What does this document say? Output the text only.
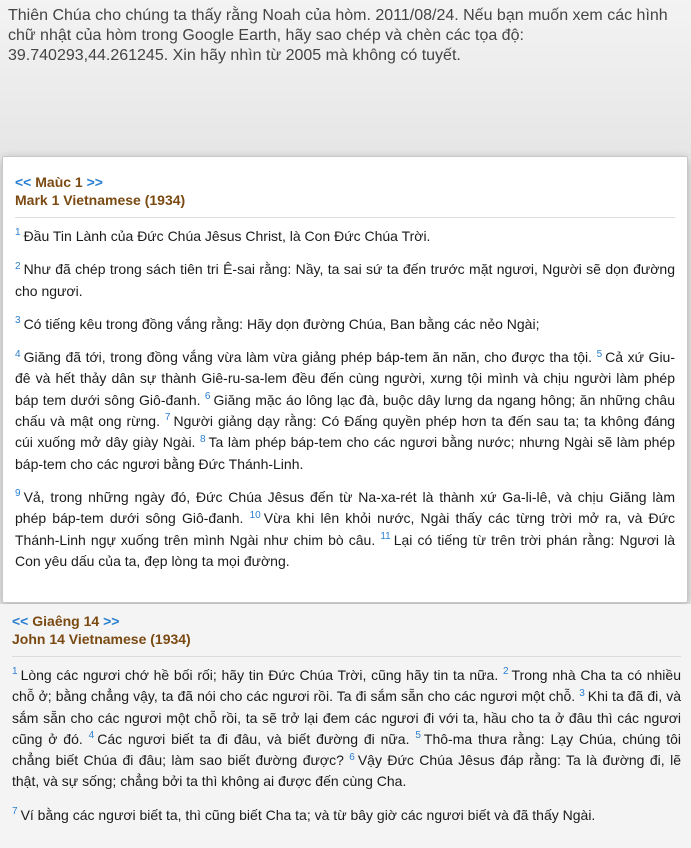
Thiên Chúa cho chúng ta thấy rằng Noah của hòm. 2011/08/24. Nếu bạn muốn xem các hình chữ nhật của hòm trong Google Earth, hãy sao chép và chèn các tọa độ: 39.740293,44.261245. Xin hãy nhìn từ 2005 mà không có tuyết.
<< Maùc 1 >>
Mark 1 Vietnamese (1934)

$^1$ Đầu Tin Lành của Đức Chúa Jêsus Christ, là Con Đức Chúa Trời.

$^2$ Như đã chép trong sách tiên tri Ê-sai rằng: Nầy, ta sai sứ ta đến trước mặt ngươi, Người sẽ dọn đường cho ngươi.

$^3$ Có tiếng kêu trong đồng vắng rằng: Hãy dọn đường Chúa, Ban bằng các nẻo Ngài;

$^4$ Giăng đã tới, trong đồng vắng vừa làm vừa giảng phép báp-tem ăn năn, cho được tha tội. $^5$ Cả xứ Giu-đê và hết thảy dân sự thành Giê-ru-sa-lem đều đến cùng người, xưng tội mình và chịu người làm phép báp tem dưới sông Giô-đanh. $^6$ Giăng mặc áo lông lạc đà, buộc dây lưng da ngang hông; ăn những châu chấu và mật ong rừng. $^7$ Người giảng dạy rằng: Có Đấng quyền phép hơn ta đến sau ta; ta không đáng cúi xuống mở dây giày Ngài. $^8$ Ta làm phép báp-tem cho các ngươi bằng nước; nhưng Ngài sẽ làm phép báp-tem cho các ngươi bằng Đức Thánh-Linh.

$^9$ Vả, trong những ngày đó, Đức Chúa Jêsus đến từ Na-xa-rét là thành xứ Ga-li-lê, và chịu Giăng làm phép báp-tem dưới sông Giô-đanh. $^{10}$ Vừa khi lên khỏi nước, Ngài thấy các từng trời mở ra, và Đức Thánh-Linh ngự xuống trên mình Ngài như chim bò câu. $^{11}$ Lại có tiếng từ trên trời phán rằng: Ngươi là Con yêu dấu của ta, đẹp lòng ta mọi đường.

<< Giaêng 14 >>
John 14 Vietnamese (1934)

$^1$ Lòng các ngươi chớ hề bối rối; hãy tin Đức Chúa Trời, cũng hãy tin ta nữa. $^2$ Trong nhà Cha ta có nhiều chỗ ở; bằng chẳng vậy, ta đã nói cho các ngươi rồi. Ta đi sắm sẵn cho các ngươi một chỗ. $^3$ Khi ta đã đi, và sắm sẵn cho các ngươi một chỗ rồi, ta sẽ trở lại đem các ngươi đi với ta, hầu cho ta ở đâu thì các ngươi cũng ở đó. $^4$ Các ngươi biết ta đi đâu, và biết đường đi nữa. $^5$ Thô-ma thưa rằng: Lạy Chúa, chúng tôi chẳng biết Chúa đi đâu; làm sao biết đường được? $^6$ Vậy Đức Chúa Jêsus đáp rằng: Ta là đường đi, lẽ thật, và sự sống; chẳng bởi ta thì không ai được đến cùng Cha.

$^7$ Ví bằng các ngươi biết ta, thì cũng biết Cha ta; và từ bây giờ các ngươi biết và đã thấy Ngài.
